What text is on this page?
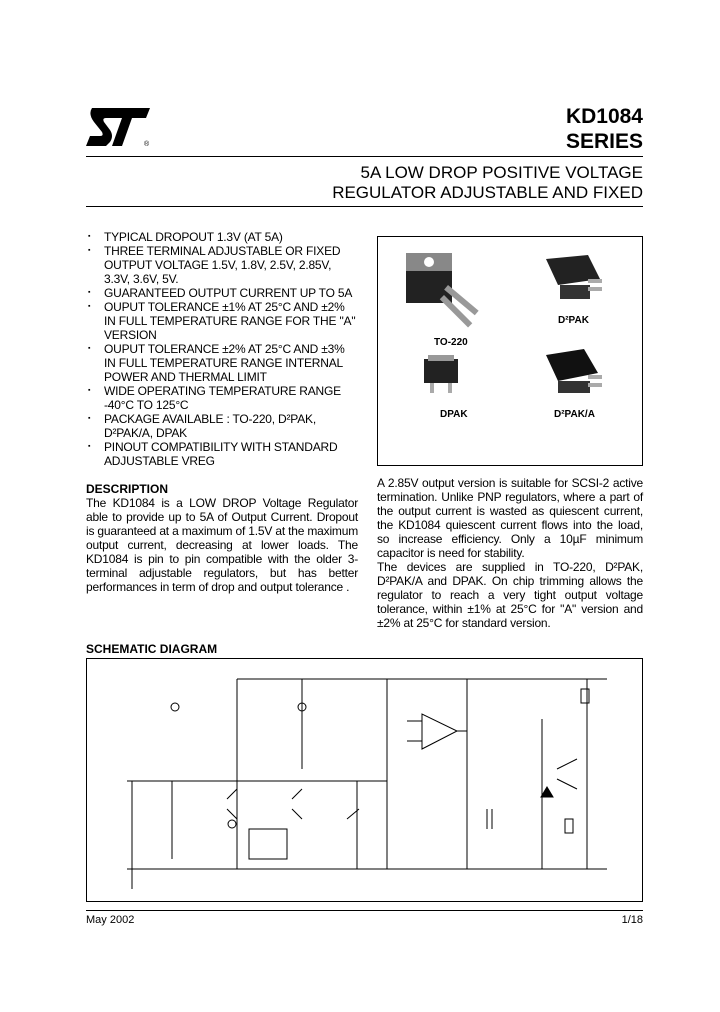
®
KD1084
SERIES
5A LOW DROP POSITIVE VOLTAGE
REGULATOR ADJUSTABLE AND FIXED
▪ TYPICAL DROPOUT 1.3V (AT 5A)
▪ THREE TERMINAL ADJUSTABLE OR FIXED OUTPUT VOLTAGE 1.5V, 1.8V, 2.5V, 2.85V, 3.3V, 3.6V, 5V.
▪ GUARANTEED OUTPUT CURRENT UP TO 5A
▪ OUPUT TOLERANCE ±1% AT 25°C AND ±2% IN FULL TEMPERATURE RANGE FOR THE "A" VERSION
▪ OUPUT TOLERANCE ±2% AT 25°C AND ±3% IN FULL TEMPERATURE RANGE INTERNAL POWER AND THERMAL LIMIT
▪ WIDE OPERATING TEMPERATURE RANGE -40°C TO 125°C
▪ PACKAGE AVAILABLE : TO-220, D²PAK, D²PAK/A, DPAK
▪ PINOUT COMPATIBILITY WITH STANDARD ADJUSTABLE VREG
DESCRIPTION
The KD1084 is a LOW DROP Voltage Regulator able to provide up to 5A of Output Current. Dropout is guaranteed at a maximum of 1.5V at the maximum output current, decreasing at lower loads. The KD1084 is pin to pin compatible with the older 3-terminal adjustable regulators, but has better performances in term of drop and output tolerance .
TO-220
D²PAK
DPAK	D²PAK/A
A 2.85V output version is suitable for SCSI-2 active termination. Unlike PNP regulators, where a part of the output current is wasted as quiescent current, the KD1084 quiescent current flows into the load, so increase efficiency. Only a 10µF minimum capacitor is need for stability.
The devices are supplied in TO-220, D²PAK, D²PAK/A and DPAK. On chip trimming allows the regulator to reach a very tight output voltage tolerance, within ±1% at 25°C for "A" version and ±2% at 25°C for standard version.
SCHEMATIC DIAGRAM
May 2002	1/18
